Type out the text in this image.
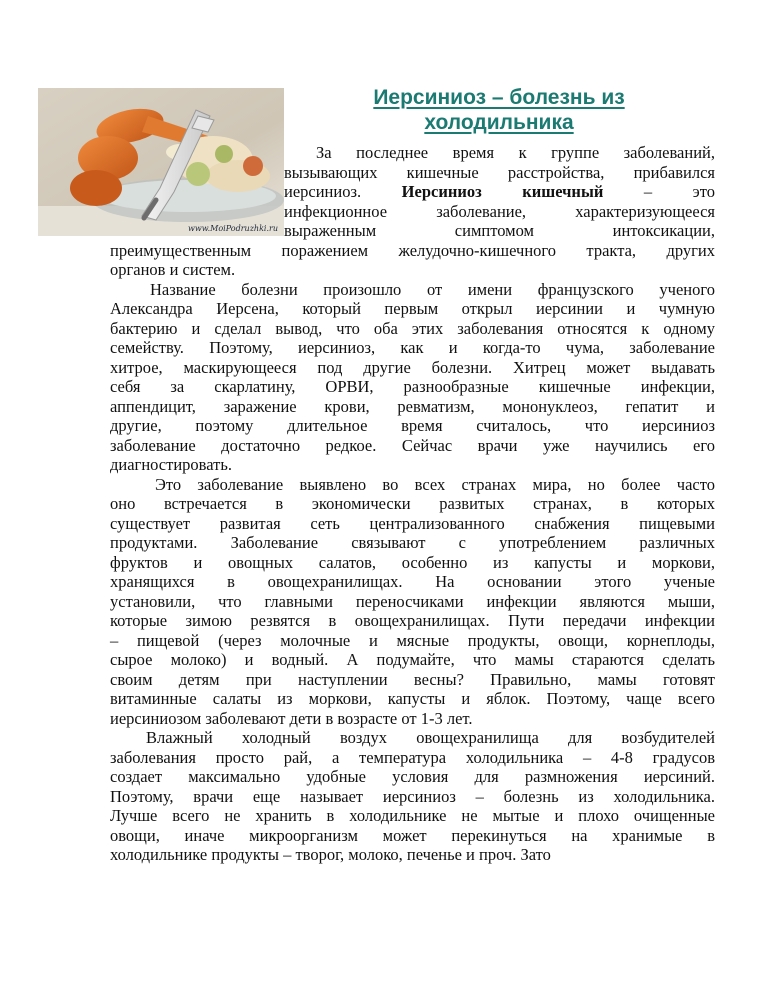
www.MoiPodruzhki.ru
Иерсиниоз – болезнь из холодильника
За последнее время к группе заболеваний,
вызывающих кишечные расстройства, прибавился
иерсиниоз. Иерсиниоз кишечный – это
инфекционное заболевание, характеризующееся
выраженным симптомом интоксикации,
преимущественным поражением желудочно-кишечного тракта, других
органов и систем.
Название болезни произошло от имени французского ученого
Александра Иерсена, который первым открыл иерсинии и чумную
бактерию и сделал вывод, что оба этих заболевания относятся к одному
семейству. Поэтому, иерсиниоз, как и когда-то чума, заболевание
хитрое, маскирующееся под другие болезни. Хитрец может выдавать
себя за скарлатину, ОРВИ, разнообразные кишечные инфекции,
аппендицит, заражение крови, ревматизм, мононуклеоз, гепатит и
другие, поэтому длительное время считалось, что иерсиниоз
заболевание достаточно редкое. Сейчас врачи уже научились его
диагностировать.
Это заболевание выявлено во всех странах мира, но более часто
оно встречается в экономически развитых странах, в которых
существует развитая сеть централизованного снабжения пищевыми
продуктами. Заболевание связывают с употреблением различных
фруктов и овощных салатов, особенно из капусты и моркови,
хранящихся в овощехранилищах. На основании этого ученые
установили, что главными переносчиками инфекции являются мыши,
которые зимою резвятся в овощехранилищах. Пути передачи инфекции
– пищевой (через молочные и мясные продукты, овощи, корнеплоды,
сырое молоко) и водный. А подумайте, что мамы стараются сделать
своим детям при наступлении весны? Правильно, мамы готовят
витаминные салаты из моркови, капусты и яблок. Поэтому, чаще всего
иерсиниозом заболевают дети в возрасте от 1-3 лет.
Влажный холодный воздух овощехранилища для возбудителей
заболевания просто рай, а температура холодильника – 4-8 градусов
создает максимально удобные условия для размножения иерсиний.
Поэтому, врачи еще называет иерсиниоз – болезнь из холодильника.
Лучше всего не хранить в холодильнике не мытые и плохо очищенные
овощи, иначе микроорганизм может перекинуться на хранимые в
холодильнике продукты – творог, молоко, печенье и проч. Зато
